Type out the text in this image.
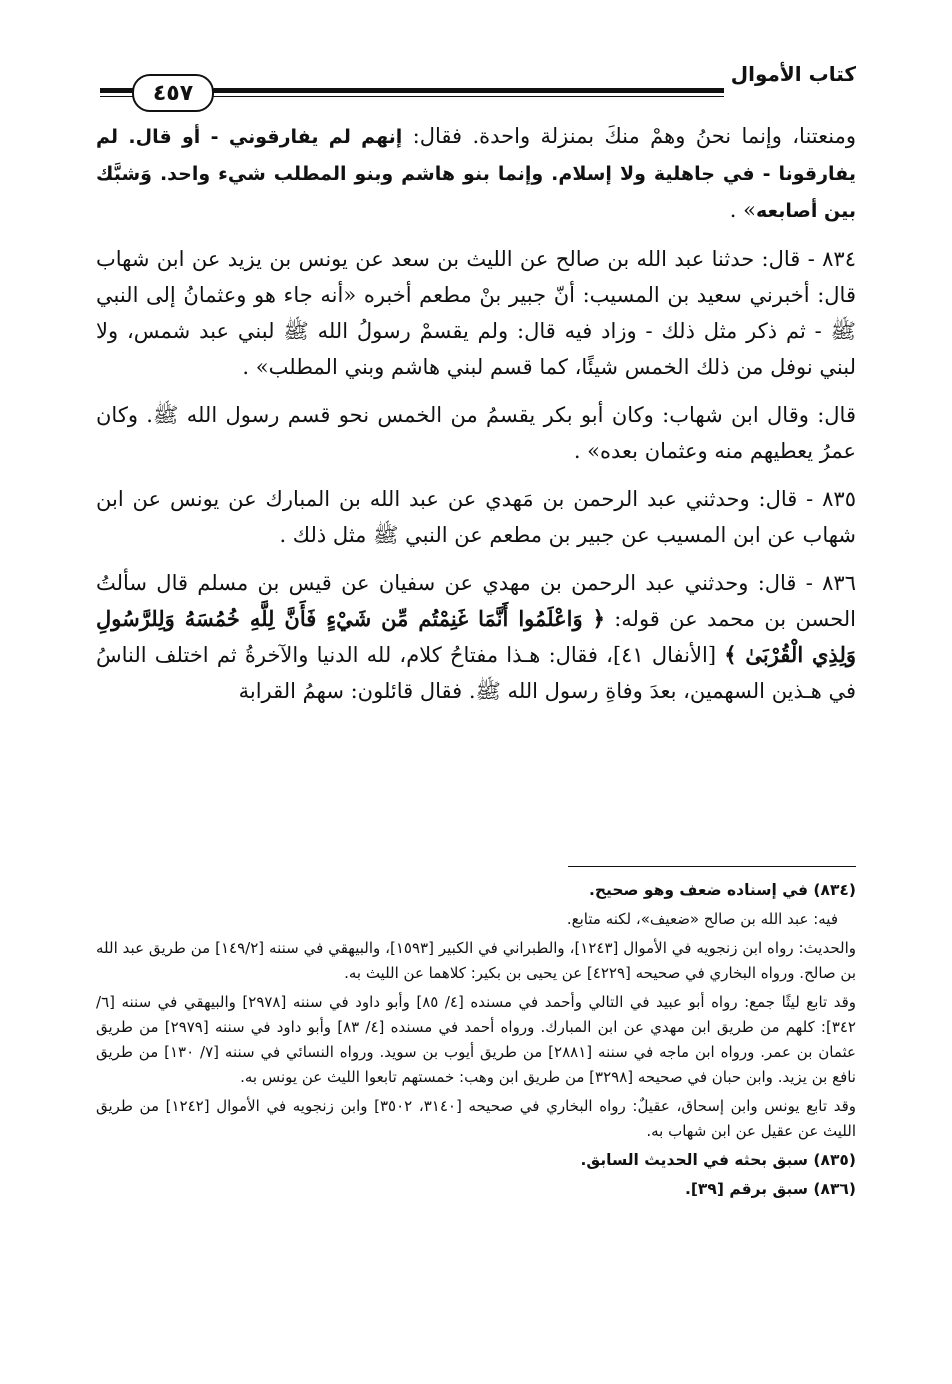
كتاب الأموال
٤٥٧

ومنعتنا، وإنما نحنُ وهمْ منكَ بمنزلة واحدة. فقال: إنهم لم يفارقوني - أو قال. لم يفارقونا - في جاهلية ولا إسلام. وإنما بنو هاشم وبنو المطلب شيء واحد. وَشبَّك بين أصابعه» .

٨٣٤ - قال: حدثنا عبد الله بن صالح عن الليث بن سعد عن يونس بن يزيد عن ابن شهاب قال: أخبرني سعيد بن المسيب: أنّ جبير بنْ مطعم أخبره «أنه جاء هو وعثمانُ إلى النبي ﷺ - ثم ذكر مثل ذلك - وزاد فيه قال: ولم يقسمْ رسولُ الله ﷺ لبني عبد شمس، ولا لبني نوفل من ذلك الخمس شيئًا، كما قسم لبني هاشم وبني المطلب» .

قال: وقال ابن شهاب: وكان أبو بكر يقسمُ من الخمس نحو قسم رسول الله ﷺ. وكان عمرُ يعطيهم منه وعثمان بعده» .

٨٣٥ - قال: وحدثني عبد الرحمن بن مَهدي عن عبد الله بن المبارك عن يونس عن ابن شهاب عن ابن المسيب عن جبير بن مطعم عن النبي ﷺ مثل ذلك .

٨٣٦ - قال: وحدثني عبد الرحمن بن مهدي عن سفيان عن قيس بن مسلم قال سألتُ الحسن بن محمد عن قوله: ﴿ وَاعْلَمُوا أَنَّمَا غَنِمْتُم مِّن شَيْءٍ فَأَنَّ لِلَّهِ خُمُسَهُ وَلِلرَّسُولِ وَلِذِي الْقُرْبَىٰ ﴾ [الأنفال ٤١]، فقال: هـذا مفتاحُ كلام، لله الدنيا والآخرةُ ثم اختلف الناسُ في هـذين السهمين، بعدَ وفاةِ رسول الله ﷺ. فقال قائلون: سهمُ القرابة

(٨٣٤) في إسناده ضعف وهو صحيح.

فيه: عبد الله بن صالح «ضعيف»، لكنه متابع.

والحديث: رواه ابن زنجويه في الأموال [١٢٤٣]، والطبراني في الكبير [١٥٩٣]، والبيهقي في سننه [١٤٩/٢] من طريق عبد الله بن صالح. ورواه البخاري في صحيحه [٤٢٢٩] عن يحيى بن بكير: كلاهما عن الليث به.

وقد تابع ليثًا جمع: رواه أبو عبيد في التالي وأحمد في مسنده [٤/ ٨٥] وأبو داود في سننه [٢٩٧٨] والبيهقي في سننه [٦/ ٣٤٢]: كلهم من طريق ابن مهدي عن ابن المبارك. ورواه أحمد في مسنده [٤/ ٨٣] وأبو داود في سننه [٢٩٧٩] من طريق عثمان بن عمر. ورواه ابن ماجه في سننه [٢٨٨١] من طريق أيوب بن سويد. ورواه النسائي في سننه [٧/ ١٣٠] من طريق نافع بن يزيد. وابن حبان في صحيحه [٣٢٩٨] من طريق ابن وهب: خمستهم تابعوا الليث عن يونس به.

وقد تابع يونس وابن إسحاق، عقيلٌ: رواه البخاري في صحيحه [٣١٤٠، ٣٥٠٢] وابن زنجويه في الأموال [١٢٤٢] من طريق الليث عن عقيل عن ابن شهاب به.

(٨٣٥) سبق بحثه في الحديث السابق.

(٨٣٦) سبق برقم [٣٩].
